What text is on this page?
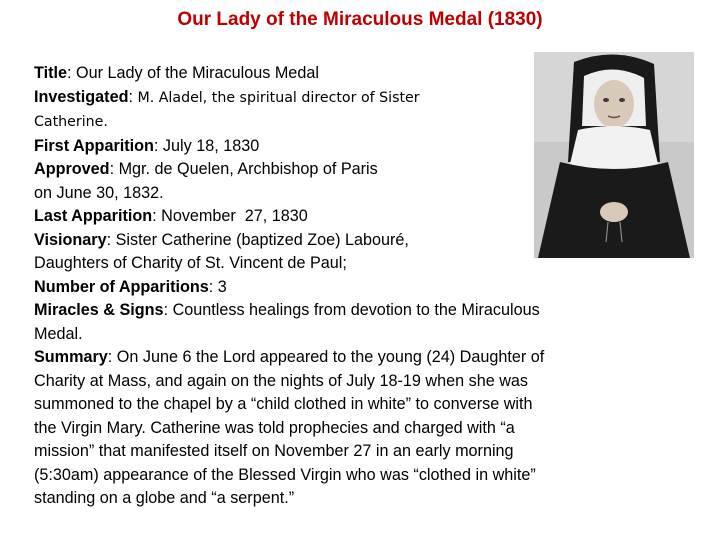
Our Lady of the Miraculous Medal (1830)

Title: Our Lady of the Miraculous Medal

Investigated: M. Aladel, the spiritual director of Sister

Catherine.

First Apparition: July 18, 1830

Approved: Mgr. de Quelen, Archbishop of Paris

on June 30, 1832.

Last Apparition: November  27, 1830

Visionary: Sister Catherine (baptized Zoe) Labouré,

Daughters of Charity of St. Vincent de Paul;

Number of Apparitions: 3

Miracles & Signs: Countless healings from devotion to the Miraculous

Medal.

Summary: On June 6 the Lord appeared to the young (24) Daughter of

Charity at Mass, and again on the nights of July 18-19 when she was

summoned to the chapel by a “child clothed in white” to converse with

the Virgin Mary. Catherine was told prophecies and charged with “a

mission” that manifested itself on November 27 in an early morning

(5:30am) appearance of the Blessed Virgin who was “clothed in white”

standing on a globe and “a serpent.”
